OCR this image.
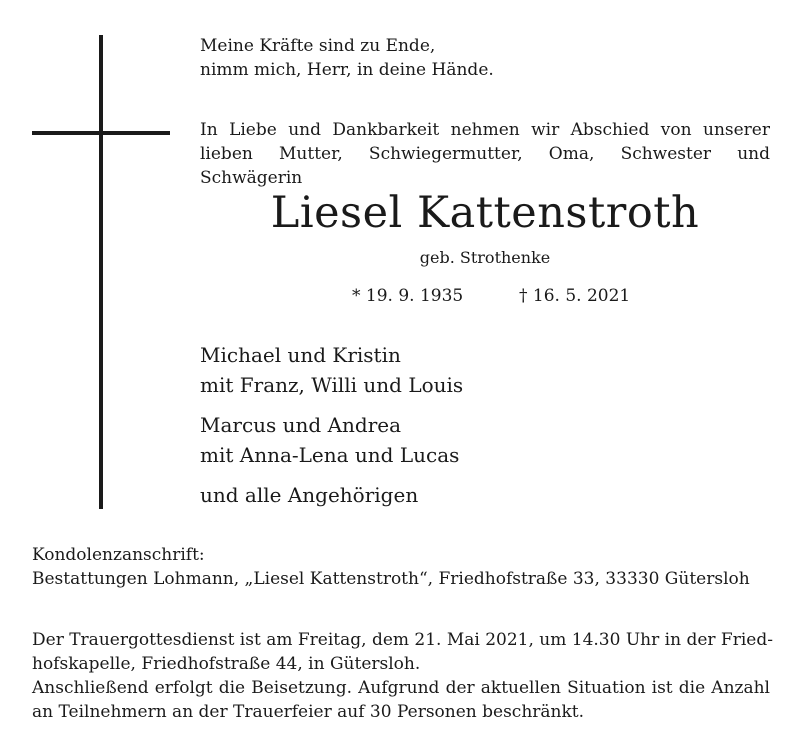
Meine Kräfte sind zu Ende,
nimm mich, Herr, in deine Hände.
In Liebe und Dankbarkeit nehmen wir Abschied von unserer
lieben Mutter, Schwiegermutter, Oma, Schwester und Schwägerin
Liesel Kattenstroth
geb. Strothenke
* 19. 9. 1935	† 16. 5. 2021
Michael und Kristin
mit Franz, Willi und Louis
Marcus und Andrea
mit Anna-Lena und Lucas
und alle Angehörigen
Kondolenzanschrift:
Bestattungen Lohmann, „Liesel Kattenstroth“, Friedhofstraße 33, 33330 Gütersloh
Der Trauergottesdienst ist am Freitag, dem 21. Mai 2021, um 14.30 Uhr in der Fried-
hofskapelle, Friedhofstraße 44, in Gütersloh.
Anschließend erfolgt die Beisetzung. Aufgrund der aktuellen Situation ist die Anzahl
an Teilnehmern an der Trauerfeier auf 30 Personen beschränkt.
